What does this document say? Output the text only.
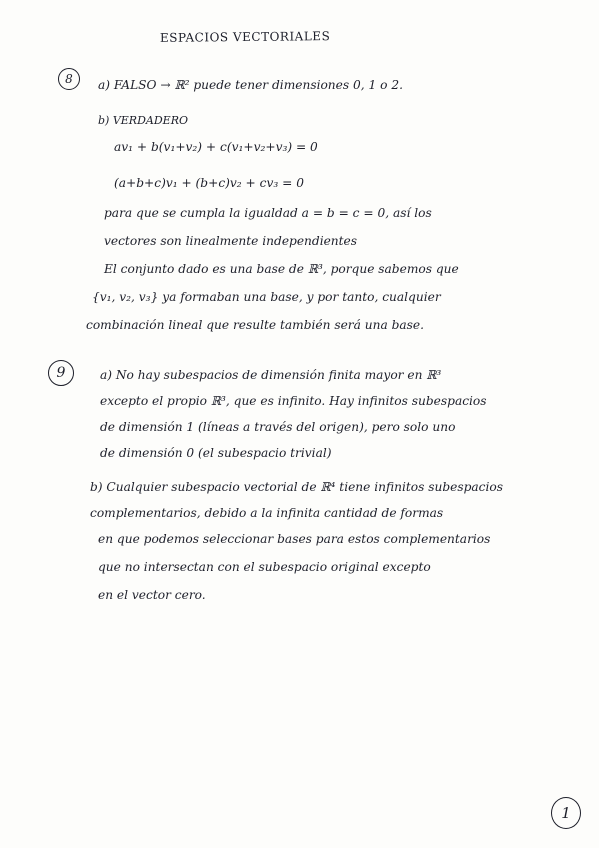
ESPACIOS VECTORIALES
8	a) FALSO → ℝ² puede tener dimensiones 0, 1 o 2.
b) VERDADERO
av₁ + b(v₁+v₂) + c(v₁+v₂+v₃) = 0
(a+b+c)v₁ + (b+c)v₂ + cv₃ = 0
para que se cumpla la igualdad a = b = c = 0, así los
vectores son linealmente independientes
El conjunto dado es una base de ℝ³, porque sabemos que
{v₁, v₂, v₃} ya formaban una base, y por tanto, cualquier
combinación lineal que resulte también será una base.
9	a) No hay subespacios de dimensión finita mayor en ℝ³
excepto el propio ℝ³, que es infinito. Hay infinitos subespacios
de dimensión 1 (líneas a través del origen), pero solo uno
de dimensión 0 (el subespacio trivial)
b) Cualquier subespacio vectorial de ℝ⁴ tiene infinitos subespacios
complementarios, debido a la infinita cantidad de formas
en que podemos seleccionar bases para estos complementarios
que no intersectan con el subespacio original excepto
en el vector cero.
1
